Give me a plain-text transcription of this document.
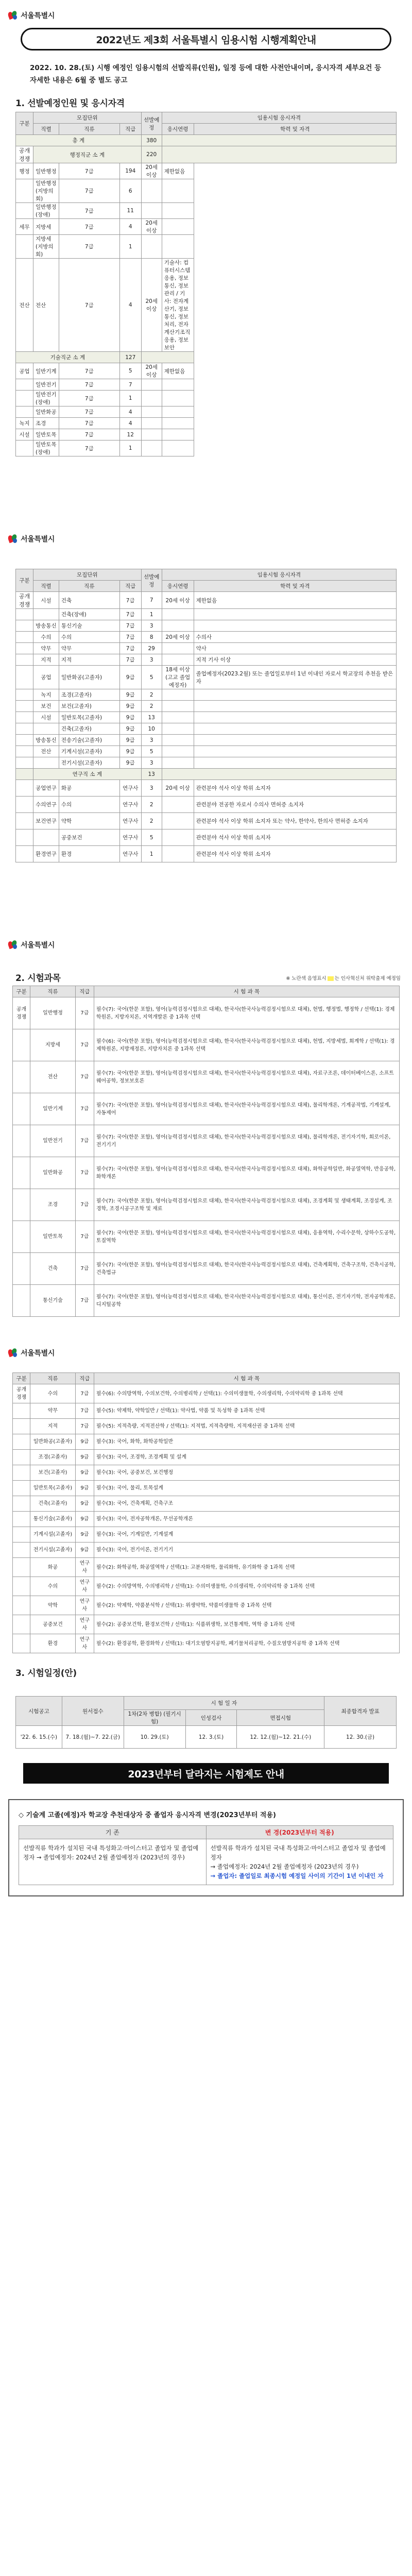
서울특별시
2022년도 제3회 서울특별시 임용시험 시행계획안내

2022. 10. 28.(토) 시행 예정인 임용시험의 선발직류(인원), 일정 등에 대한 사전안내이며, 응시자격 세부요건 등 자세한 내용은 6월 중 별도 공고

1. 선발예정인원 및 응시자격
구분	모집단위			선발예정	임용시험 응시자격	
	직렬	직류	직급		응시연령	학력 및 자격
총 계				380		
공개경쟁	행정직군 소 계			220		
행정	일반행정	7급	194	20세 이상	제한없음	
	일반행정(지방의회)	7급	6			
	일반행정(장애)	7급	11			
세무	지방세	7급	4	20세 이상		
	지방세(지방의회)	7급	1			
전산	전산	7급	4	20세 이상	기술사: 컴퓨터시스템응용, 정보통신, 정보관리 / 기사: 전자계산기, 정보통신, 정보처리, 전자계산기조직응용, 정보보안	
기술직군 소 계			127			
공업	일반기계	7급	5	20세 이상	제한없음	
	일반전기	7급	7			
	일반전기(장애)	7급	1			
	일반화공	7급	4			
녹지	조경	7급	4			
시설	일반토목	7급	12			
	일반토목(장애)	7급	1			
서울특별시
구분	모집단위			선발예정	임용시험 응시자격	
	직렬	직류	직급		응시연령	학력 및 자격
공개경쟁	시설	건축	7급	7	20세 이상	제한없음
		건축(장애)	7급	1		
	방송통신	통신기술	7급	3		
	수의	수의	7급	8	20세 이상	수의사
	약무	약무	7급	29		약사
	지적	지적	7급	3		지적 기사 이상
	공업	일반화공(고졸자)	9급	5	18세 이상 (고교 졸업예정자)	졸업예정자(2023.2월) 또는 졸업일로부터 1년 이내인 자로서 학교장의 추천을 받은 자
	녹지	조경(고졸자)	9급	2		
	보건	보건(고졸자)	9급	2		
	시설	일반토목(고졸자)	9급	13		
		건축(고졸자)	9급	10		
	방송통신	전송기술(고졸자)	9급	3		
	전산	기계시설(고졸자)	9급	5		
		전기시설(고졸자)	9급	3		
	연구직 소 계			13		
	공업연구	화공	연구사	3	20세 이상	관련분야 석사 이상 학위 소지자
	수의연구	수의	연구사	2		관련분야 전공한 자로서 수의사 면허증 소지자
	보건연구	약학	연구사	2		관련분야 석사 이상 학위 소지자 또는 약사, 한약사, 한의사 면허증 소지자
		공중보건	연구사	5		관련분야 석사 이상 학위 소지자
	환경연구	환경	연구사	1		관련분야 석사 이상 학위 소지자
서울특별시
2. 시험과목	※ 노란색 음영표시 는 인사혁신처 위탁출제 예정임
구분	직류	직급	시 험 과 목
공개경쟁	일반행정	7급	필수(7): 국어(한문 포함), 영어(능력검정시험으로 대체), 한국사(한국사능력검정시험으로 대체), 헌법, 행정법, 행정학 / 선택(1): 경제학원론, 지방자치론, 지역개발론 중 1과목 선택
	지방세	7급	필수(6): 국어(한문 포함), 영어(능력검정시험으로 대체), 한국사(한국사능력검정시험으로 대체), 헌법, 지방세법, 회계학 / 선택(1): 경제학원론, 지방재정론, 지방자치론 중 1과목 선택
	전산	7급	필수(7): 국어(한문 포함), 영어(능력검정시험으로 대체), 한국사(한국사능력검정시험으로 대체), 자료구조론, 데이터베이스론, 소프트웨어공학, 정보보호론
	일반기계	7급	필수(7): 국어(한문 포함), 영어(능력검정시험으로 대체), 한국사(한국사능력검정시험으로 대체), 물리학개론, 기계공작법, 기계설계, 자동제어
	일반전기	7급	필수(7): 국어(한문 포함), 영어(능력검정시험으로 대체), 한국사(한국사능력검정시험으로 대체), 물리학개론, 전기자기학, 회로이론, 전기기기
	일반화공	7급	필수(7): 국어(한문 포함), 영어(능력검정시험으로 대체), 한국사(한국사능력검정시험으로 대체), 화학공학일반, 화공열역학, 반응공학, 화학개론
	조경	7급	필수(7): 국어(한문 포함), 영어(능력검정시험으로 대체), 한국사(한국사능력검정시험으로 대체), 조경계획 및 생태계획, 조경설계, 조경학, 조경시공구조학 및 재료
	일반토목	7급	필수(7): 국어(한문 포함), 영어(능력검정시험으로 대체), 한국사(한국사능력검정시험으로 대체), 응용역학, 수리수문학, 상하수도공학, 토질역학
	건축	7급	필수(7): 국어(한문 포함), 영어(능력검정시험으로 대체), 한국사(한국사능력검정시험으로 대체), 건축계획학, 건축구조학, 건축시공학, 건축법규
	통신기술	7급	필수(7): 국어(한문 포함), 영어(능력검정시험으로 대체), 한국사(한국사능력검정시험으로 대체), 통신이론, 전기자기학, 전자공학개론, 디지털공학
서울특별시
구분	직류	직급	시 험 과 목
공개경쟁	수의	7급	필수(6): 수의방역학, 수의보건학, 수의병리학 / 선택(1): 수의미생물학, 수의생리학, 수의약리학 중 1과목 선택
	약무	7급	필수(5): 약제학, 약학일반 / 선택(1): 약사법, 약품 및 독성학 중 1과목 선택
	지적	7급	필수(5): 지적측량, 지적전산학 / 선택(1): 지적법, 지적측량학, 지적재산권 중 1과목 선택
	일반화공(고졸자)	9급	필수(3): 국어, 화학, 화학공학일반
	조경(고졸자)	9급	필수(3): 국어, 조경학, 조경계획 및 설계
	보건(고졸자)	9급	필수(3): 국어, 공중보건, 보건행정
	일반토목(고졸자)	9급	필수(3): 국어, 물리, 토목설계
	건축(고졸자)	9급	필수(3): 국어, 건축계획, 건축구조
	통신기술(고졸자)	9급	필수(3): 국어, 전자공학개론, 무선공학개론
	기계시설(고졸자)	9급	필수(3): 국어, 기계일반, 기계설계
	전기시설(고졸자)	9급	필수(3): 국어, 전기이론, 전기기기
	화공	연구사	필수(2): 화학공학, 화공열역학 / 선택(1): 고분자화학, 물리화학, 유기화학 중 1과목 선택
	수의	연구사	필수(2): 수의방역학, 수의병리학 / 선택(1): 수의미생물학, 수의생리학, 수의약리학 중 1과목 선택
	약학	연구사	필수(2): 약제학, 약품분석학 / 선택(1): 위생약학, 약품미생물학 중 1과목 선택
	공중보건	연구사	필수(2): 공중보건학, 환경보건학 / 선택(1): 식품위생학, 보건통계학, 역학 중 1과목 선택
	환경	연구사	필수(2): 환경공학, 환경화학 / 선택(1): 대기오염방지공학, 폐기물처리공학, 수질오염방지공학 중 1과목 선택
3. 시험일정(안)
시험공고	원서접수	시 험 일 자			최종합격자 발표
		1차(2차 병합) (필기시험)	인성검사	면접시험	
'22. 6. 15.(수)	7. 18.(월)~7. 22.(금)	10. 29.(토)	12. 3.(토)	12. 12.(월)~12. 21.(수)	12. 30.(금)
2023년부터 달라지는 시험제도 안내
◇ 기술계 고졸(예정)자 학교장 추천대상자 중 졸업자 응시자격 변경(2023년부터 적용)
기 존	변 경(2023년부터 적용)
선발직류 학과가 설치된 국내 특성화고·마이스터고 졸업자 및 졸업예정자 → 졸업예정자: 2024년 2월 졸업예정자 (2023년의 경우)	선발직류 학과가 설치된 국내 특성화고·마이스터고 졸업자 및 졸업예정자
→ 졸업예정자: 2024년 2월 졸업예정자 (2023년의 경우)
→ 졸업자: 졸업일로 최종시험 예정일 사이의 기간이 1년 이내인 자
